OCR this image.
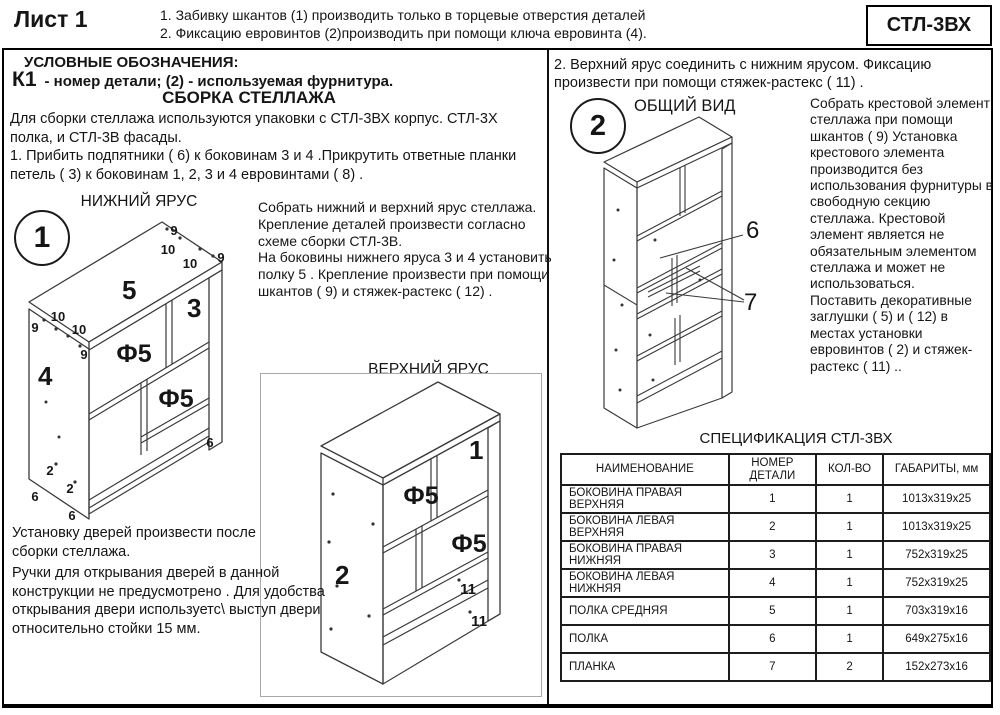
Лист 1	1. Забивку шкантов (1) производить только в торцевые отверстия деталей
2. Фиксацию евровинтов (2)производить при помощи ключа евровинта (4).	СТЛ-3ВХ
УСЛОВНЫЕ ОБОЗНАЧЕНИЯ:
К1 - номер детали; (2) - используемая фурнитура.
СБОРКА СТЕЛЛАЖА
Для сборки стеллажа используются упаковки с СТЛ-3ВХ корпус. СТЛ-3Х полка, и СТЛ-3В фасады.
1. Прибить подпятники ( 6) к боковинам 3 и 4 .Прикрутить ответные планки петель ( 3) к боковинам 1, 2, 3 и 4 евровинтами ( 8) .
НИЖНИЙ ЯРУС
1
5
3
4
Ф5
Ф5
9
10
10 9
9
10
10
9
2
2
6
6
6

Собрать нижний и верхний ярус стеллажа. Крепление деталей произвести согласно схеме сборки СТЛ-3В.

На боковины нижнего яруса 3 и 4 установить полку 5 . Крепление произвести при помощи шкантов ( 9) и стяжек-растекс ( 12) .

ВЕРХНИЙ ЯРУС
1
Ф5
Ф5
2	11
11
Установку дверей произвести после сборки стеллажа.
Ручки для открывания дверей в данной конструкции не предусмотрено . Для удобства открывания двери используетс\ выступ двери относительно стойки 15 мм.
2. Верхний ярус соединить с нижним ярусом. Фиксацию произвести при помощи стяжек-растекс ( 11) .
2
ОБЩИЙ ВИД
6
7

Собрать крестовой элемент стеллажа при помощи шкантов ( 9) Установка крестового элемента производится без использования фурнитуры в свободную секцию стеллажа. Крестовой элемент является не обязательным элементом стеллажа и может не использоваться.

Поставить декоративные заглушки ( 5) и ( 12) в местах установки евровинтов ( 2) и стяжек-растекс ( 11) ..

СПЕЦИФИКАЦИЯ СТЛ-3ВХ
НАИМЕНОВАНИЕ	НОМЕР ДЕТАЛИ	КОЛ-ВО	ГАБАРИТЫ, мм
БОКОВИНА ПРАВАЯ ВЕРХНЯЯ	1	1	1013x319x25
БОКОВИНА ЛЕВАЯ ВЕРХНЯЯ	2	1	1013x319x25
БОКОВИНА ПРАВАЯ НИЖНЯЯ	3	1	752x319x25
БОКОВИНА ЛЕВАЯ НИЖНЯЯ	4	1	752x319x25
ПОЛКА СРЕДНЯЯ	5	1	703x319x16
ПОЛКА	6	1	649x275x16
ПЛАНКА	7	2	152x273x16
